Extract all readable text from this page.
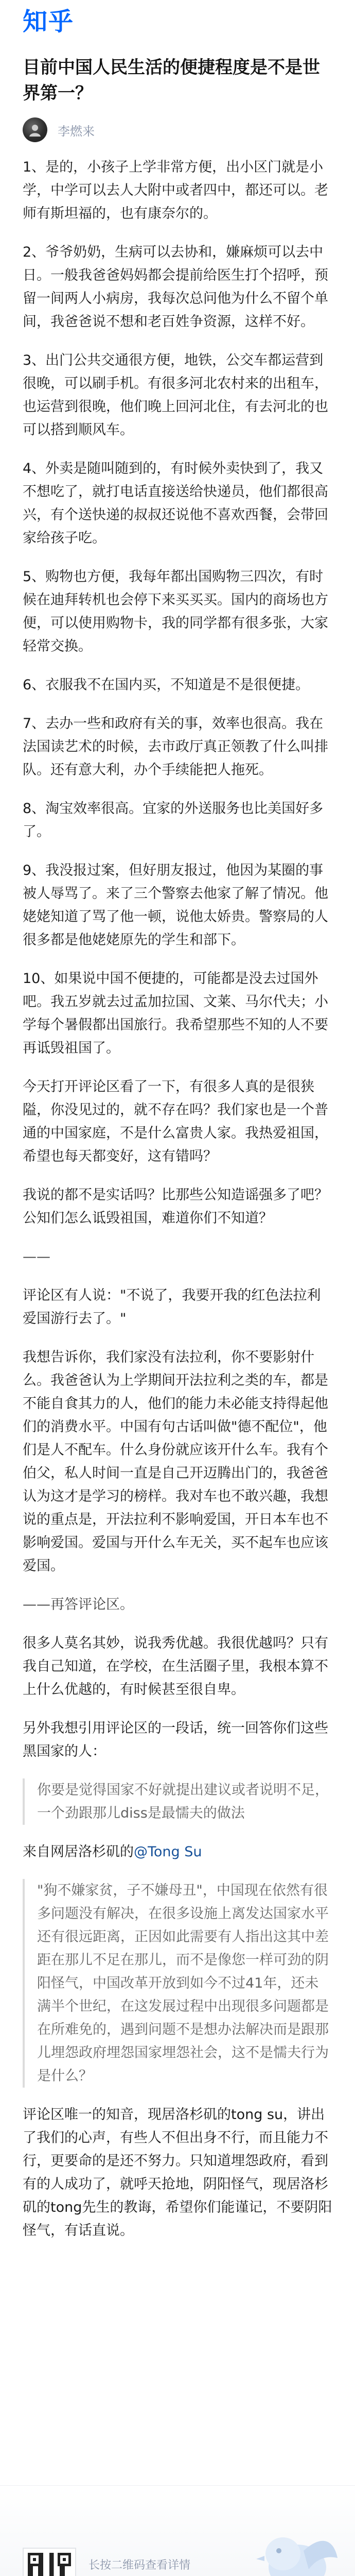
知乎
目前中国人民生活的便捷程度是不是世界第一？
李燃来

1、是的，小孩子上学非常方便，出小区门就是小学，中学可以去人大附中或者四中，都还可以。老师有斯坦福的，也有康奈尔的。

2、爷爷奶奶，生病可以去协和，嫌麻烦可以去中日。一般我爸爸妈妈都会提前给医生打个招呼，预留一间两人小病房，我每次总问他为什么不留个单间，我爸爸说不想和老百姓争资源，这样不好。

3、出门公共交通很方便，地铁，公交车都运营到很晚，可以刷手机。有很多河北农村来的出租车，也运营到很晚，他们晚上回河北住，有去河北的也可以搭到顺风车。

4、外卖是随叫随到的，有时候外卖快到了，我又不想吃了，就打电话直接送给快递员，他们都很高兴，有个送快递的叔叔还说他不喜欢西餐，会带回家给孩子吃。

5、购物也方便，我每年都出国购物三四次，有时候在迪拜转机也会停下来买买买。国内的商场也方便，可以使用购物卡，我的同学都有很多张，大家轻常交换。

6、衣服我不在国内买，不知道是不是很便捷。

7、去办一些和政府有关的事，效率也很高。我在法国读艺术的时候，去市政厅真正领教了什么叫排队。还有意大利，办个手续能把人拖死。

8、淘宝效率很高。宜家的外送服务也比美国好多了。

9、我没报过案，但好朋友报过，他因为某圈的事被人辱骂了。来了三个警察去他家了解了情况。他姥姥知道了骂了他一顿，说他太娇贵。警察局的人很多都是他姥姥原先的学生和部下。

10、如果说中国不便捷的，可能都是没去过国外吧。我五岁就去过孟加拉国、文莱、马尔代夫；小学每个暑假都出国旅行。我希望那些不知的人不要再诋毁祖国了。

今天打开评论区看了一下，有很多人真的是很狭隘，你没见过的，就不存在吗？我们家也是一个普通的中国家庭，不是什么富贵人家。我热爱祖国，希望也每天都变好，这有错吗？

我说的都不是实话吗？比那些公知造谣强多了吧？公知们怎么诋毁祖国，难道你们不知道？

——

评论区有人说："不说了，我要开我的红色法拉利爱国游行去了。"

我想告诉你，我们家没有法拉利，你不要影射什么。我爸爸认为上学期间开法拉利之类的车，都是不能自食其力的人，他们的能力未必能支持得起他们的消费水平。中国有句古话叫做"德不配位"，他们是人不配车。什么身份就应该开什么车。我有个伯父，私人时间一直是自己开迈腾出门的，我爸爸认为这才是学习的榜样。我对车也不敢兴趣，我想说的重点是，开法拉利不影响爱国，开日本车也不影响爱国。爱国与开什么车无关，买不起车也应该爱国。

——再答评论区。

很多人莫名其妙，说我秀优越。我很优越吗？只有我自己知道，在学校，在生活圈子里，我根本算不上什么优越的，有时候甚至很自卑。

另外我想引用评论区的一段话，统一回答你们这些黑国家的人：

你要是觉得国家不好就提出建议或者说明不足，一个劲跟那儿diss是最懦夫的做法

来自网居洛杉矶的@Tong Su

"狗不嫌家贫，子不嫌母丑"，中国现在依然有很多问题没有解决，在很多设施上离发达国家水平还有很远距离，正因如此需要有人指出这其中差距在那儿不足在那儿，而不是像您一样可劲的阴阳怪气，中国改革开放到如今不过41年，还未满半个世纪，在这发展过程中出现很多问题都是在所难免的，遇到问题不是想办法解决而是跟那儿埋怨政府埋怨国家埋怨社会，这不是懦夫行为是什么？

评论区唯一的知音，现居洛杉矶的tong su，讲出了我们的心声，有些人不但出身不行，而且能力不行，更要命的是还不努力。只知道埋怨政府，看到有的人成功了，就呼天抢地，阴阳怪气，现居洛杉矶的tong先生的教诲，希望你们能谨记，不要阴阳怪气，有话直说。

长按二维码查看详情
